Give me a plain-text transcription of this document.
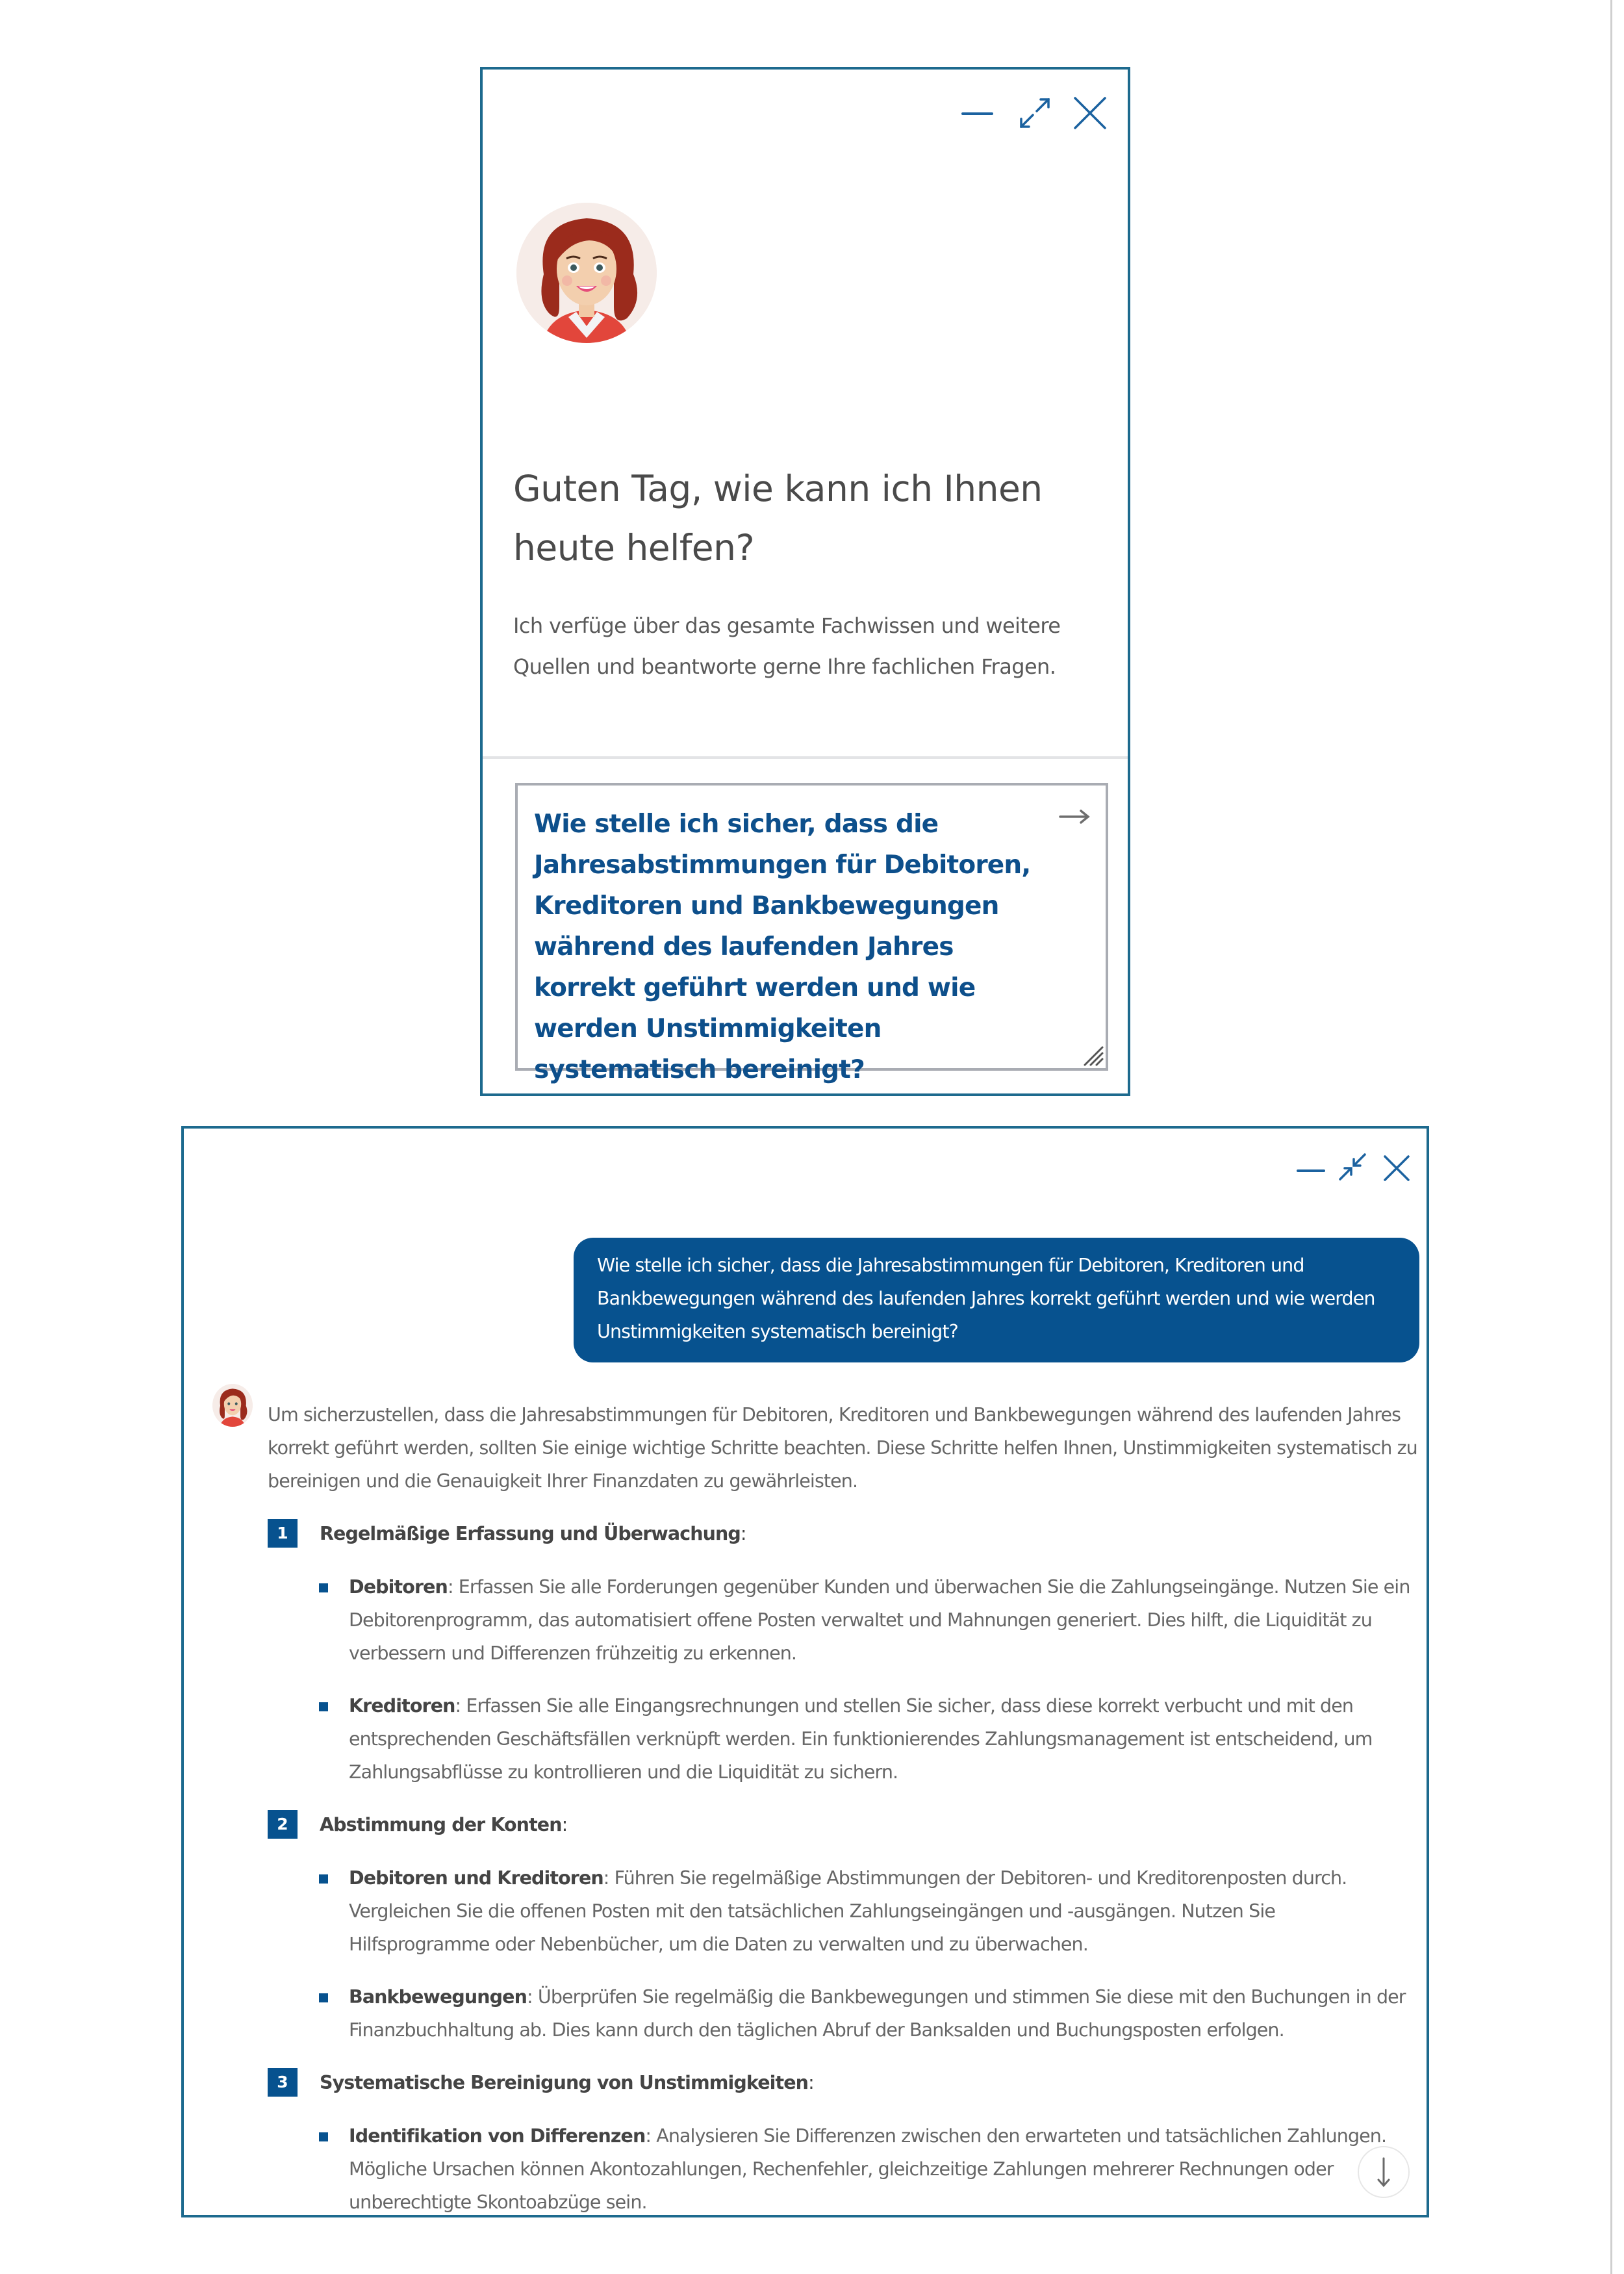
Guten Tag, wie kann ich Ihnen heute helfen?

Ich verfüge über das gesamte Fachwissen und weitere Quellen und beantworte gerne Ihre fachlichen Fragen.

Wie stelle ich sicher, dass die Jahresabstimmungen für Debitoren, Kreditoren und Bankbewegungen während des laufenden Jahres korrekt geführt werden und wie werden Unstimmigkeiten systematisch bereinigt?

Wie stelle ich sicher, dass die Jahresabstimmungen für Debitoren, Kreditoren und Bankbewegungen während des laufenden Jahres korrekt geführt werden und wie werden Unstimmigkeiten systematisch bereinigt?

Um sicherzustellen, dass die Jahresabstimmungen für Debitoren, Kreditoren und Bankbewegungen während des laufenden Jahres korrekt geführt werden, sollten Sie einige wichtige Schritte beachten. Diese Schritte helfen Ihnen, Unstimmigkeiten systematisch zu bereinigen und die Genauigkeit Ihrer Finanzdaten zu gewährleisten.

1	Regelmäßige Erfassung und Überwachung:
Debitoren: Erfassen Sie alle Forderungen gegenüber Kunden und überwachen Sie die Zahlungseingänge. Nutzen Sie ein Debitorenprogramm, das automatisiert offene Posten verwaltet und Mahnungen generiert. Dies hilft, die Liquidität zu verbessern und Differenzen frühzeitig zu erkennen.
Kreditoren: Erfassen Sie alle Eingangsrechnungen und stellen Sie sicher, dass diese korrekt verbucht und mit den entsprechenden Geschäftsfällen verknüpft werden. Ein funktionierendes Zahlungsmanagement ist entscheidend, um Zahlungsabflüsse zu kontrollieren und die Liquidität zu sichern.
2	Abstimmung der Konten:
Debitoren und Kreditoren: Führen Sie regelmäßige Abstimmungen der Debitoren- und Kreditorenposten durch. Vergleichen Sie die offenen Posten mit den tatsächlichen Zahlungseingängen und -ausgängen. Nutzen Sie Hilfsprogramme oder Nebenbücher, um die Daten zu verwalten und zu überwachen.
Bankbewegungen: Überprüfen Sie regelmäßig die Bankbewegungen und stimmen Sie diese mit den Buchungen in der Finanzbuchhaltung ab. Dies kann durch den täglichen Abruf der Banksalden und Buchungsposten erfolgen.
3	Systematische Bereinigung von Unstimmigkeiten:
Identifikation von Differenzen: Analysieren Sie Differenzen zwischen den erwarteten und tatsächlichen Zahlungen. Mögliche Ursachen können Akontozahlungen, Rechenfehler, gleichzeitige Zahlungen mehrerer Rechnungen oder unberechtigte Skontoabzüge sein.
